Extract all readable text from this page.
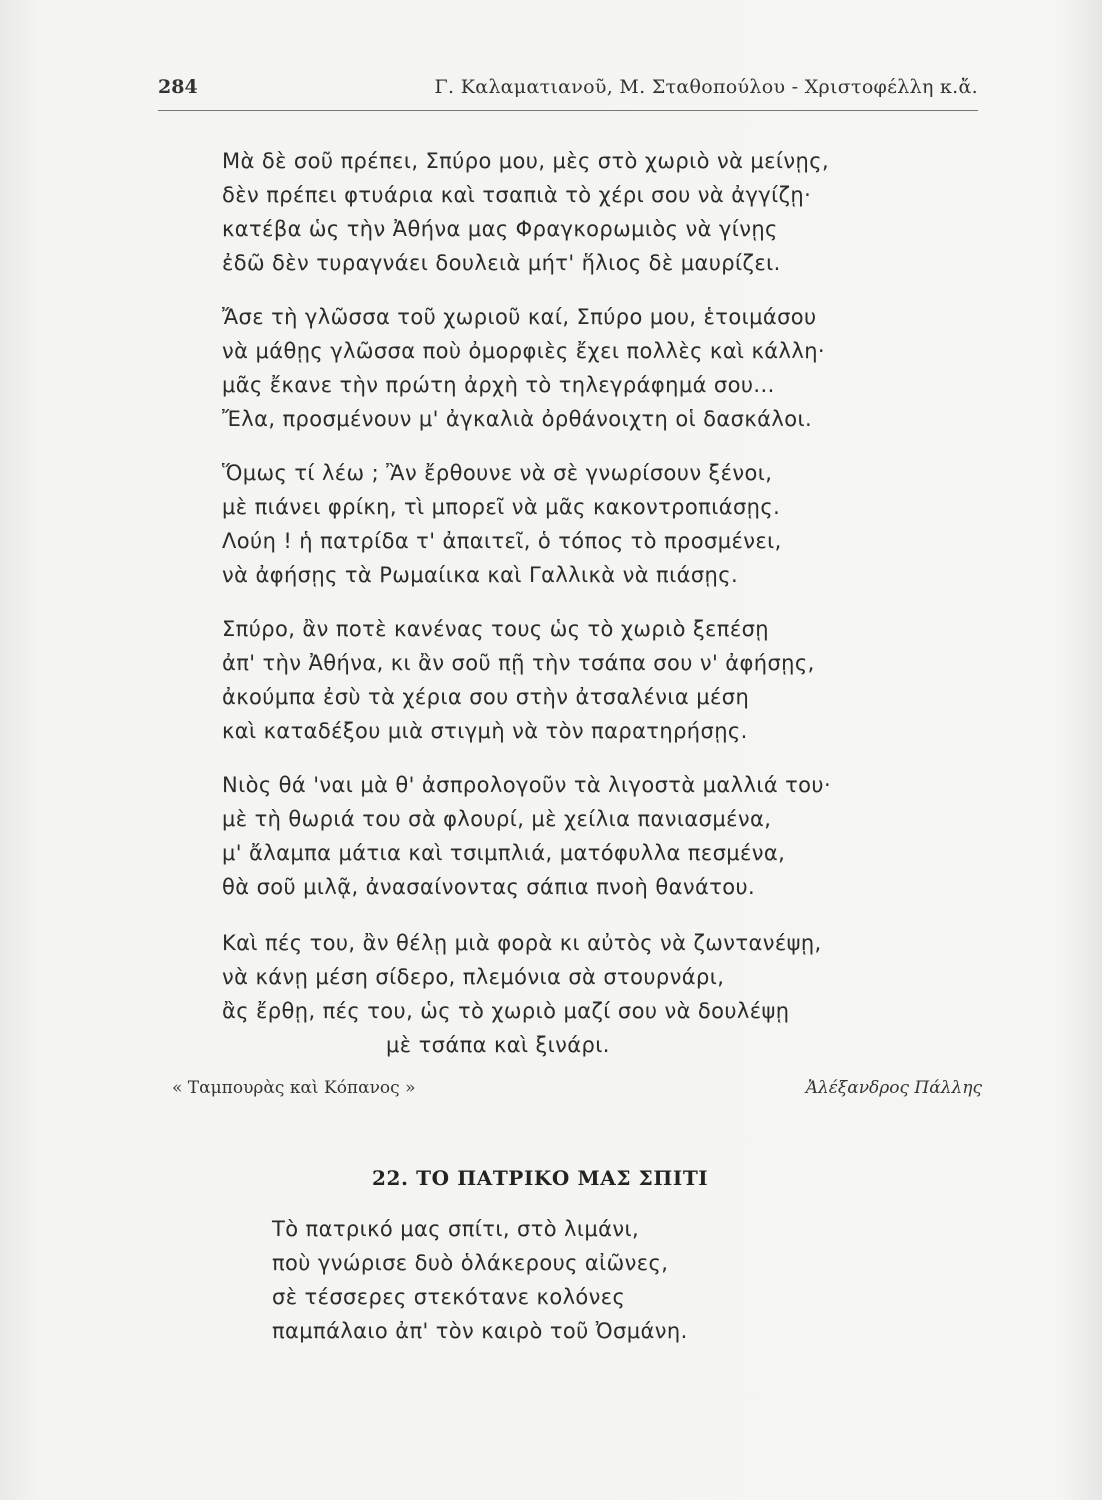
284	Γ. Καλαματιανοῦ, Μ. Σταθοπούλου - Χριστοφέλλη κ.ἄ.
Μὰ δὲ σοῦ πρέπει, Σπύρο μου, μὲς στὸ χωριὸ νὰ μείνῃς,
δὲν πρέπει φτυάρια καὶ τσαπιὰ τὸ χέρι σου νὰ ἀγγίζῃ·
κατέβα ὡς τὴν Ἀθήνα μας Φραγκορωμιὸς νὰ γίνῃς
ἐδῶ δὲν τυραγνάει δουλειὰ μήτ' ἥλιος δὲ μαυρίζει.
Ἄσε τὴ γλῶσσα τοῦ χωριοῦ καί, Σπύρο μου, ἑτοιμάσου
νὰ μάθῃς γλῶσσα ποὺ ὀμορφιὲς ἔχει πολλὲς καὶ κάλλη·
μᾶς ἔκανε τὴν πρώτη ἀρχὴ τὸ τηλεγράφημά σου...
Ἔλα, προσμένουν μ' ἀγκαλιὰ ὀρθάνοιχτη οἱ δασκάλοι.
Ὅμως τί λέω ; Ἂν ἔρθουνε νὰ σὲ γνωρίσουν ξένοι,
μὲ πιάνει φρίκη, τὶ μπορεῖ νὰ μᾶς κακοντροπιάσῃς.
Λούη ! ἡ πατρίδα τ' ἀπαιτεῖ, ὁ τόπος τὸ προσμένει,
νὰ ἀφήσῃς τὰ Ρωμαίικα καὶ Γαλλικὰ νὰ πιάσῃς.
Σπύρο, ἂν ποτὲ κανένας τους ὡς τὸ χωριὸ ξεπέσῃ
ἀπ' τὴν Ἀθήνα, κι ἂν σοῦ πῇ τὴν τσάπα σου ν' ἀφήσῃς,
ἀκούμπα ἐσὺ τὰ χέρια σου στὴν ἀτσαλένια μέση
καὶ καταδέξου μιὰ στιγμὴ νὰ τὸν παρατηρήσῃς.
Νιὸς θά 'ναι μὰ θ' ἀσπρολογοῦν τὰ λιγοστὰ μαλλιά του·
μὲ τὴ θωριά του σὰ φλουρί, μὲ χείλια πανιασμένα,
μ' ἄλαμπα μάτια καὶ τσιμπλιά, ματόφυλλα πεσμένα,
θὰ σοῦ μιλᾷ, ἀνασαίνοντας σάπια πνοὴ θανάτου.
Καὶ πές του, ἂν θέλῃ μιὰ φορὰ κι αὐτὸς νὰ ζωντανέψῃ,
νὰ κάνῃ μέση σίδερο, πλεμόνια σὰ στουρνάρι,
ἂς ἔρθῃ, πές του, ὡς τὸ χωριὸ μαζί σου νὰ δουλέψῃ
μὲ τσάπα καὶ ξινάρι.
« Ταμπουρὰς καὶ Κόπανος »	Ἀλέξανδρος Πάλλης
22. ΤΟ ΠΑΤΡΙΚΟ ΜΑΣ ΣΠΙΤΙ
Τὸ πατρικό μας σπίτι, στὸ λιμάνι,
ποὺ γνώρισε δυὸ ὁλάκερους αἰῶνες,
σὲ τέσσερες στεκότανε κολόνες
παμπάλαιο ἀπ' τὸν καιρὸ τοῦ Ὀσμάνη.
